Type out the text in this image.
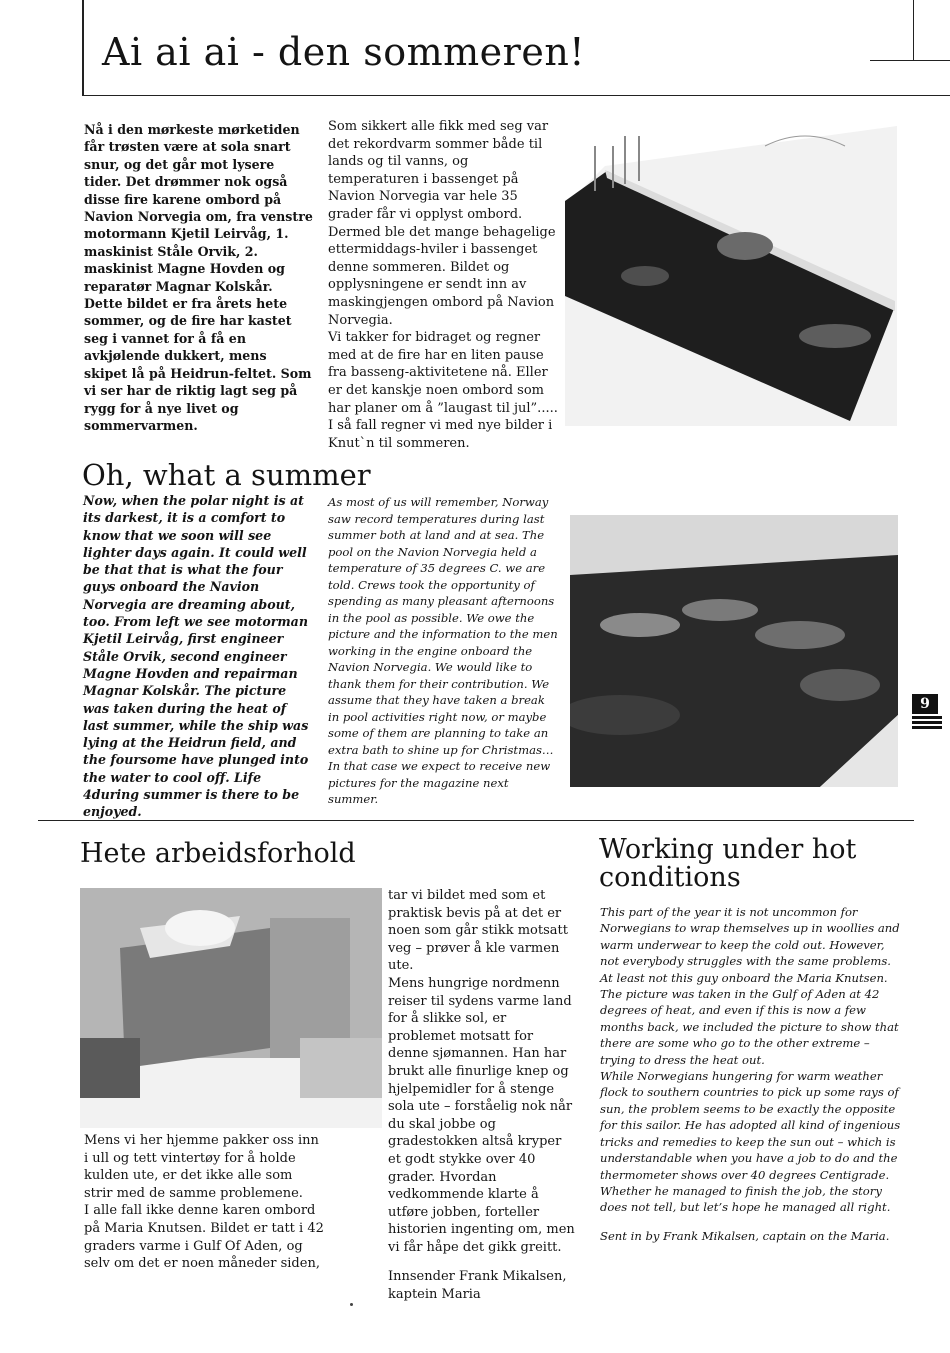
Ai ai ai - den sommeren!

Nå i den mørkeste mørketiden får trøsten være at sola snart snur, og det går mot lysere tider. Det drømmer nok også disse fire karene ombord på Navion Norvegia om, fra venstre motormann Kjetil Leirvåg, 1. maskinist Ståle Orvik, 2. maskinist Magne Hovden og reparatør Magnar Kolskår. Dette bildet er fra årets hete sommer, og de fire har kastet seg i vannet for å få en avkjølende dukkert, mens skipet lå på Heidrun-feltet. Som vi ser har de riktig lagt seg på rygg for å nye livet og sommervarmen.

Som sikkert alle fikk med seg var det rekordvarm sommer både til lands og til vanns, og temperaturen i bassenget på Navion Norvegia var hele 35 grader får vi opplyst ombord. Dermed ble det mange behagelige ettermiddags-hviler i bassenget denne sommeren. Bildet og opplysningene er sendt inn av maskingjengen ombord på Navion Norvegia.

Vi takker for bidraget og regner med at de fire har en liten pause fra basseng-aktivitetene nå. Eller er det kanskje noen ombord som har planer om å ”laugast til jul”.....

I så fall regner vi med nye bilder i Knut`n til sommeren.

Oh, what a summer

Now, when the polar night is at its darkest, it is a comfort to know that we soon will see lighter days again. It could well be that that is what the four guys onboard the Navion Norvegia are dreaming about, too. From left we see motorman Kjetil Leirvåg, first engineer Ståle Orvik, second engineer Magne Hovden and repairman Magnar Kolskår. The picture was taken during the heat of last summer, while the ship was lying at the Heidrun field, and the foursome have plunged into the water to cool off. Life 4during summer is there to be enjoyed.

As most of us will remember, Norway saw record temperatures during last summer both at land and at sea. The pool on the Navion Norvegia held a temperature of 35 degrees C. we are told. Crews took the opportunity of spending as many pleasant afternoons in the pool as possible. We owe the picture and the information to the men working in the engine onboard the Navion Norvegia. We would like to thank them for their contribution. We assume that they have taken a break in pool activities right now, or maybe some of them are planning to take an extra bath to shine up for Christmas…

In that case we expect to receive new pictures for the magazine next summer.

9
Hete arbeidsforhold

Mens vi her hjemme pakker oss inn i ull og tett vintertøy for å holde kulden ute, er det ikke alle som strir med de samme problemene.

I alle fall ikke denne karen ombord på Maria Knutsen. Bildet er tatt i 42 graders varme i Gulf Of Aden, og selv om det er noen måneder siden,

tar vi bildet med som et praktisk bevis på at det er noen som går stikk motsatt veg – prøver å kle varmen ute.

Mens hungrige nordmenn reiser til sydens varme land for å slikke sol, er problemet motsatt for denne sjømannen. Han har brukt alle finurlige knep og hjelpemidler for å stenge sola ute – forståelig nok når du skal jobbe og gradestokken altså kryper et godt stykke over 40 grader. Hvordan vedkommende klarte å utføre jobben, forteller historien ingenting om, men vi får håpe det gikk greitt.

Innsender Frank Mikalsen, kaptein Maria

Working under hot conditions

This part of the year it is not uncommon for Norwegians to wrap themselves up in woollies and warm underwear to keep the cold out. However, not everybody struggles with the same problems.

At least not this guy onboard the Maria Knutsen. The picture was taken in the Gulf of Aden at 42 degrees of heat, and even if this is now a few months back, we included the picture to show that there are some who go to the other extreme – trying to dress the heat out.

While Norwegians hungering for warm weather flock to southern countries to pick up some rays of sun, the problem seems to be exactly the opposite for this sailor. He has adopted all kind of ingenious tricks and remedies to keep the sun out – which is understandable when you have a job to do and the thermometer shows over 40 degrees Centigrade.

Whether he managed to finish the job, the story does not tell, but let’s hope he managed all right.

Sent in by Frank Mikalsen, captain on the Maria.
